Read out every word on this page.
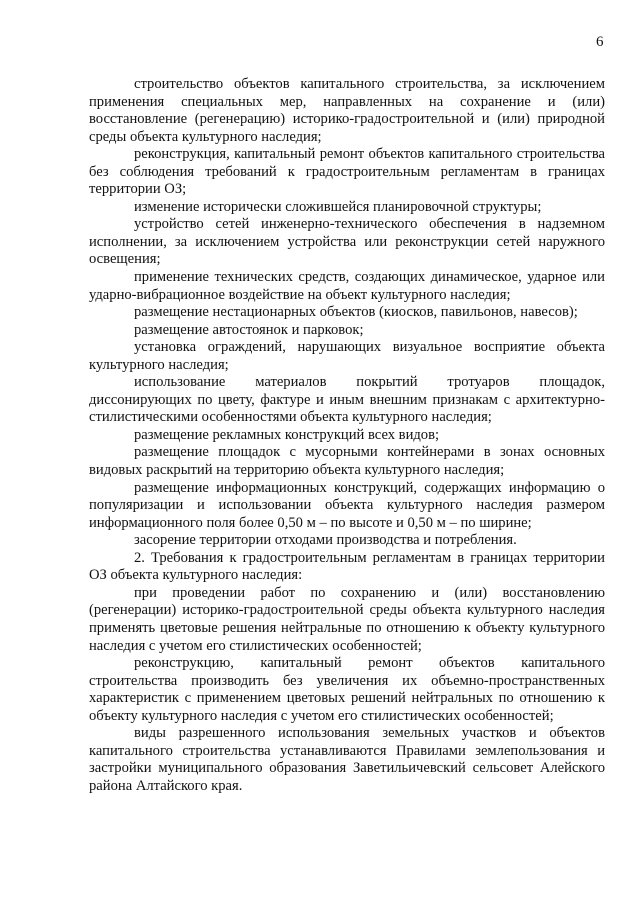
6

строительство объектов капитального строительства, за исключением применения специальных мер, направленных на сохранение и (или) восстановление (регенерацию) историко-градостроительной и (или) природной среды объекта культурного наследия;

реконструкция, капитальный ремонт объектов капитального строительства без соблюдения требований к градостроительным регламентам в границах территории ОЗ;

изменение исторически сложившейся планировочной структуры;

устройство сетей инженерно-технического обеспечения в надземном исполнении, за исключением устройства или реконструкции сетей наружного освещения;

применение технических средств, создающих динамическое, ударное или ударно-вибрационное воздействие на объект культурного наследия;

размещение нестационарных объектов (киосков, павильонов, навесов);

размещение автостоянок и парковок;

установка ограждений, нарушающих визуальное восприятие объекта культурного наследия;

использование материалов покрытий тротуаров площадок, диссонирующих по цвету, фактуре и иным внешним признакам с архитектурно-стилистическими особенностями объекта культурного наследия;

размещение рекламных конструкций всех видов;

размещение площадок с мусорными контейнерами в зонах основных видовых раскрытий на территорию объекта культурного наследия;

размещение информационных конструкций, содержащих информацию о популяризации и использовании объекта культурного наследия размером информационного поля более 0,50 м – по высоте и 0,50 м – по ширине;

засорение территории отходами производства и потребления.

2. Требования к градостроительным регламентам в границах территории ОЗ объекта культурного наследия:

при проведении работ по сохранению и (или) восстановлению (регенерации) историко-градостроительной среды объекта культурного наследия применять цветовые решения нейтральные по отношению к объекту культурного наследия с учетом его стилистических особенностей;

реконструкцию, капитальный ремонт объектов капитального строительства производить без увеличения их объемно-пространственных характеристик с применением цветовых решений нейтральных по отношению к объекту культурного наследия с учетом его стилистических особенностей;

виды разрешенного использования земельных участков и объектов капитального строительства устанавливаются Правилами землепользования и застройки муниципального образования Заветильичевский сельсовет Алейского района Алтайского края.
